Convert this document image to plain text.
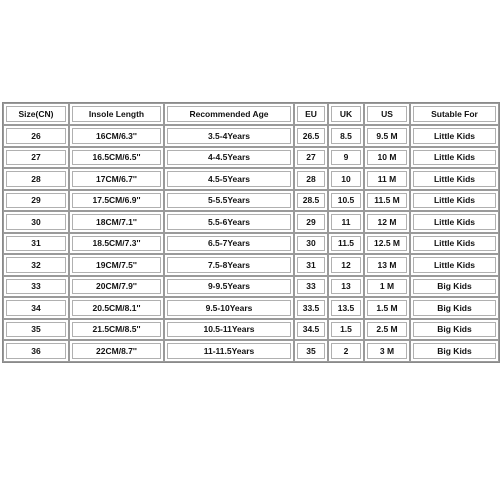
Size(CN)	Insole Length	Recommended Age	EU	UK	US	Sutable For
26	16CM/6.3''	3.5-4Years	26.5	8.5	9.5 M	Little Kids
27	16.5CM/6.5''	4-4.5Years	27	9	10 M	Little Kids
28	17CM/6.7''	4.5-5Years	28	10	11 M	Little Kids
29	17.5CM/6.9''	5-5.5Years	28.5	10.5	11.5 M	Little Kids
30	18CM/7.1''	5.5-6Years	29	11	12 M	Little Kids
31	18.5CM/7.3''	6.5-7Years	30	11.5	12.5 M	Little Kids
32	19CM/7.5''	7.5-8Years	31	12	13 M	Little Kids
33	20CM/7.9''	9-9.5Years	33	13	1 M	Big Kids
34	20.5CM/8.1''	9.5-10Years	33.5	13.5	1.5 M	Big Kids
35	21.5CM/8.5''	10.5-11Years	34.5	1.5	2.5 M	Big Kids
36	22CM/8.7''	11-11.5Years	35	2	3 M	Big Kids
